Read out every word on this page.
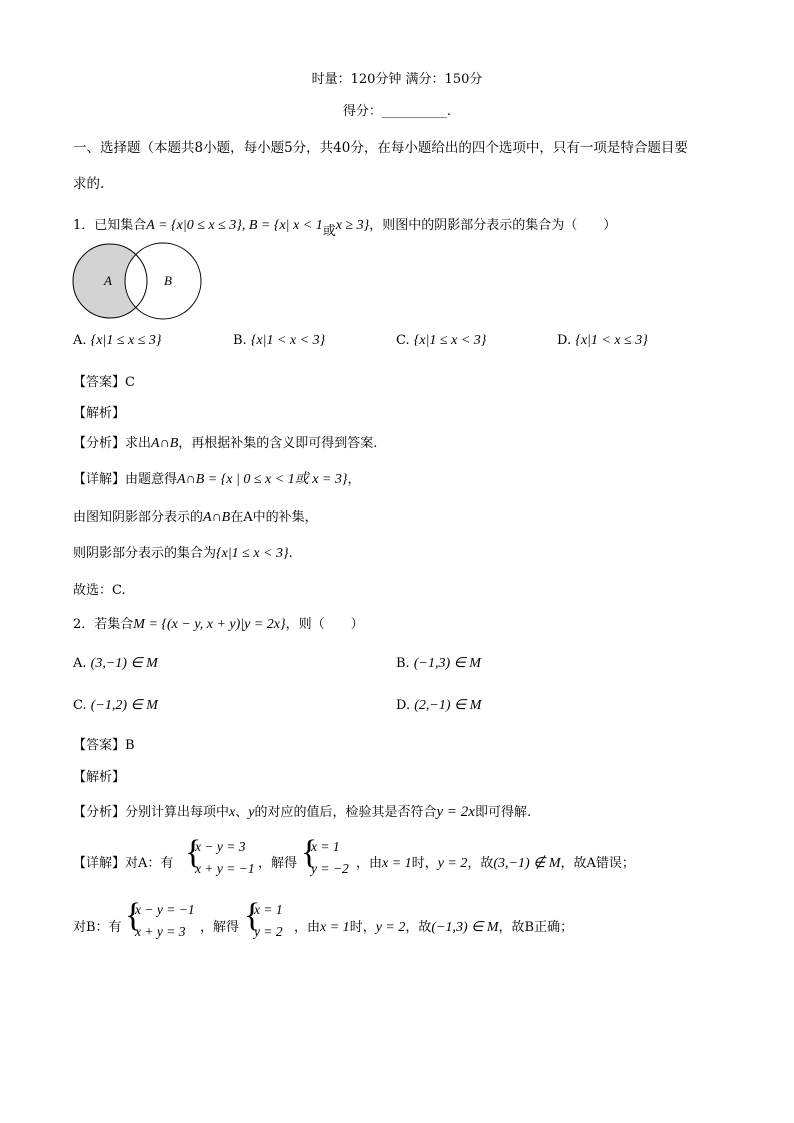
时量：120分钟 满分：150分
得分：__________.
一、选择题（本题共8小题，每小题5分，共40分，在每小题给出的四个选项中，只有一项是特合题目要
求的.
1．已知集合A = {x|0 ≤ x ≤ 3}, B = {x| x < 1或x ≥ 3}，则图中的阴影部分表示的集合为（　　）
A	B
A. {x|1 ≤ x ≤ 3}	B. {x|1 < x < 3}	C. {x|1 ≤ x < 3}	D. {x|1 < x ≤ 3}
【答案】C
【解析】
【分析】求出A∩B，再根据补集的含义即可得到答案.
【详解】由题意得A∩B = {x | 0 ≤ x < 1或 x = 3}，
由图知阴影部分表示的A∩B在A中的补集，
则阴影部分表示的集合为{x|1 ≤ x < 3}.
故选：C.
2．若集合M = {(x − y, x + y)|y = 2x}，则（　　）
A. (3,−1) ∈ M	B. (−1,3) ∈ M
C. (−1,2) ∈ M	D. (2,−1) ∈ M
【答案】B
【解析】
【分析】分别计算出每项中x、y的对应的值后，检验其是否符合y = 2x即可得解.
【详解】对A：有 {
x − y = 3
x + y = −1 ，解得 {
x = 1
y = −2 ，由x = 1时，y = 2，故(3,−1) ∉ M，故A错误；
对B：有 {
x − y = −1
x + y = 3	，解得 {
x = 1
y = 2 ，由x = 1时，y = 2，故(−1,3) ∈ M，故B正确；
